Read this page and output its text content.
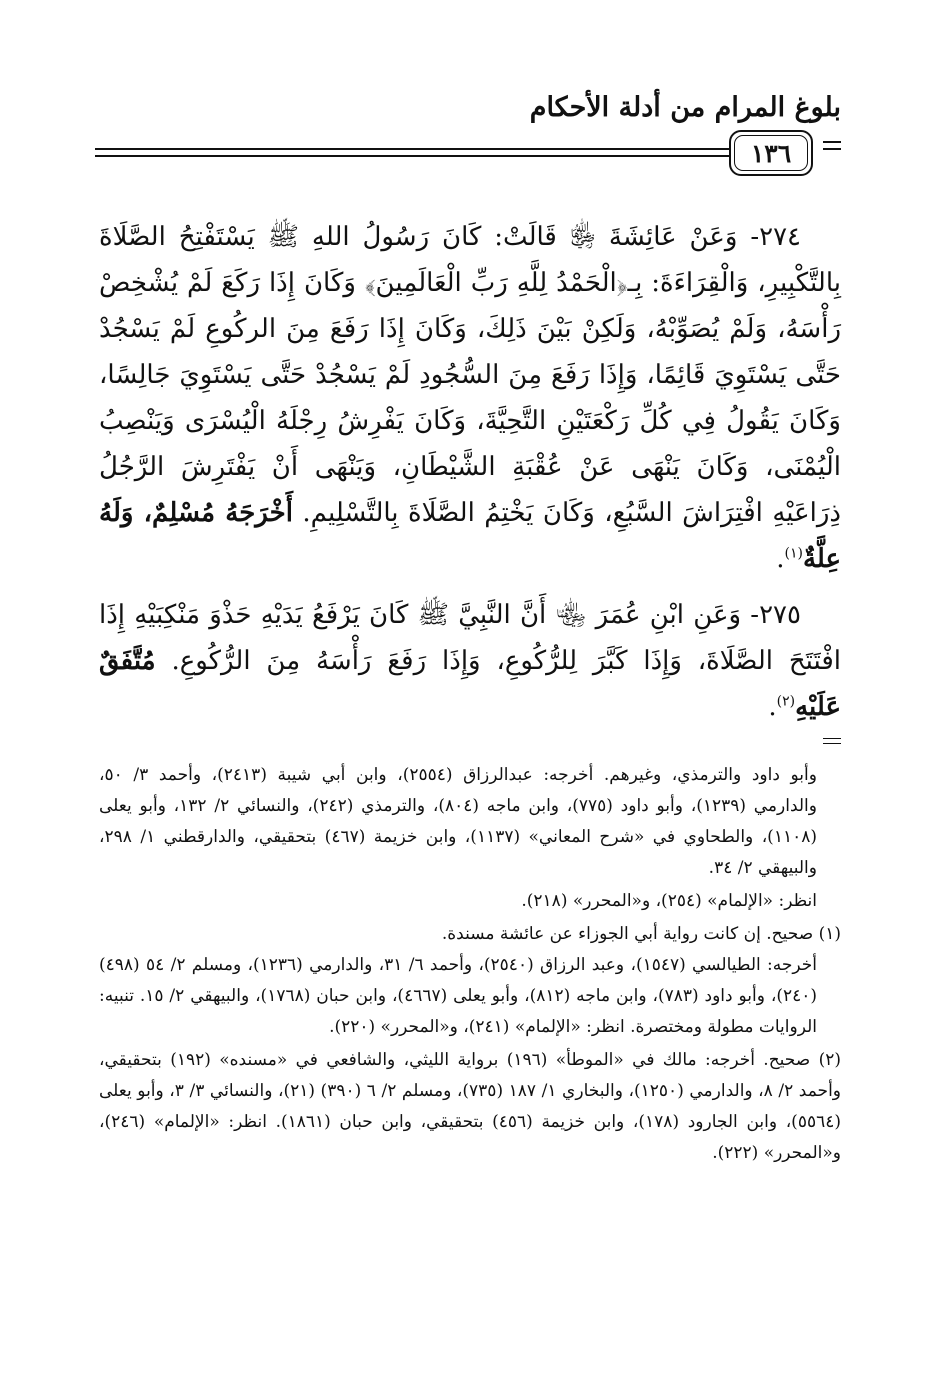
بلوغ المرام من أدلة الأحكام
١٣٦

٢٧٤- وَعَنْ عَائِشَةَ ﵂ قَالَتْ: كَانَ رَسُولُ اللهِ ﷺ يَسْتَفْتِحُ الصَّلَاةَ بِالتَّكْبِيرِ، وَالْقِرَاءَةَ: بِـ﴿الْحَمْدُ لِلَّهِ رَبِّ الْعَالَمِينَ﴾ وَكَانَ إِذَا رَكَعَ لَمْ يُشْخِصْ رَأْسَهُ، وَلَمْ يُصَوِّبْهُ، وَلَكِنْ بَيْنَ ذَلِكَ، وَكَانَ إِذَا رَفَعَ مِنَ الركُوعِ لَمْ يَسْجُدْ حَتَّى يَسْتَوِيَ قَائِمًا، وَإِذَا رَفَعَ مِنَ السُّجُودِ لَمْ يَسْجُدْ حَتَّى يَسْتَوِيَ جَالِسًا، وَكَانَ يَقُولُ فِي كُلِّ رَكْعَتَيْنِ التَّحِيَّةَ، وَكَانَ يَفْرِشُ رِجْلَهُ الْيُسْرَى وَيَنْصِبُ الْيُمْنَى، وَكَانَ يَنْهَى عَنْ عُقْبَةِ الشَّيْطَانِ، وَيَنْهَى أَنْ يَفْتَرِشَ الرَّجُلُ ذِرَاعَيْهِ افْتِرَاشَ السَّبُعِ، وَكَانَ يَخْتِمُ الصَّلَاةَ بِالتَّسْلِيمِ. أَخْرَجَهُ مُسْلِمٌ، وَلَهُ عِلَّةٌ$^{(١)}$.

٢٧٥- وَعَنِ ابْنِ عُمَرَ ﵄ أَنَّ النَّبِيَّ ﷺ كَانَ يَرْفَعُ يَدَيْهِ حَذْوَ مَنْكِبَيْهِ إِذَا افْتَتَحَ الصَّلَاةَ، وَإِذَا كَبَّرَ لِلرُّكُوعِ، وَإِذَا رَفَعَ رَأْسَهُ مِنَ الرُّكُوعِ. مُتَّفَقٌ عَلَيْهِ$^{(٢)}$.

وأبو داود والترمذي، وغيرهم. أخرجه: عبدالرزاق (٢٥٥٤)، وابن أبي شيبة (٢٤١٣)، وأحمد ٣/ ٥٠، والدارمي (١٢٣٩)، وأبو داود (٧٧٥)، وابن ماجه (٨٠٤)، والترمذي (٢٤٢)، والنسائي ٢/ ١٣٢، وأبو يعلى (١١٠٨)، والطحاوي في «شرح المعاني» (١١٣٧)، وابن خزيمة (٤٦٧) بتحقيقي، والدارقطني ١/ ٢٩٨، والبيهقي ٢/ ٣٤.

انظر: «الإلمام» (٢٥٤)، و«المحرر» (٢١٨).

(١) صحيح. إن كانت رواية أبي الجوزاء عن عائشة مسندة.

أخرجه: الطيالسي (١٥٤٧)، وعبد الرزاق (٢٥٤٠)، وأحمد ٦/ ٣١، والدارمي (١٢٣٦)، ومسلم ٢/ ٥٤ (٤٩٨) (٢٤٠)، وأبو داود (٧٨٣)، وابن ماجه (٨١٢)، وأبو يعلى (٤٦٦٧)، وابن حبان (١٧٦٨)، والبيهقي ٢/ ١٥. تنبيه: الروايات مطولة ومختصرة. انظر: «الإلمام» (٢٤١)، و«المحرر» (٢٢٠).

(٢) صحيح. أخرجه: مالك في «الموطأ» (١٩٦) برواية الليثي، والشافعي في «مسنده» (١٩٢) بتحقيقي، وأحمد ٢/ ٨، والدارمي (١٢٥٠)، والبخاري ١/ ١٨٧ (٧٣٥)، ومسلم ٢/ ٦ (٣٩٠) (٢١)، والنسائي ٣/ ٣، وأبو يعلى (٥٥٦٤)، وابن الجارود (١٧٨)، وابن خزيمة (٤٥٦) بتحقيقي، وابن حبان (١٨٦١). انظر: «الإلمام» (٢٤٦)، و«المحرر» (٢٢٢).
